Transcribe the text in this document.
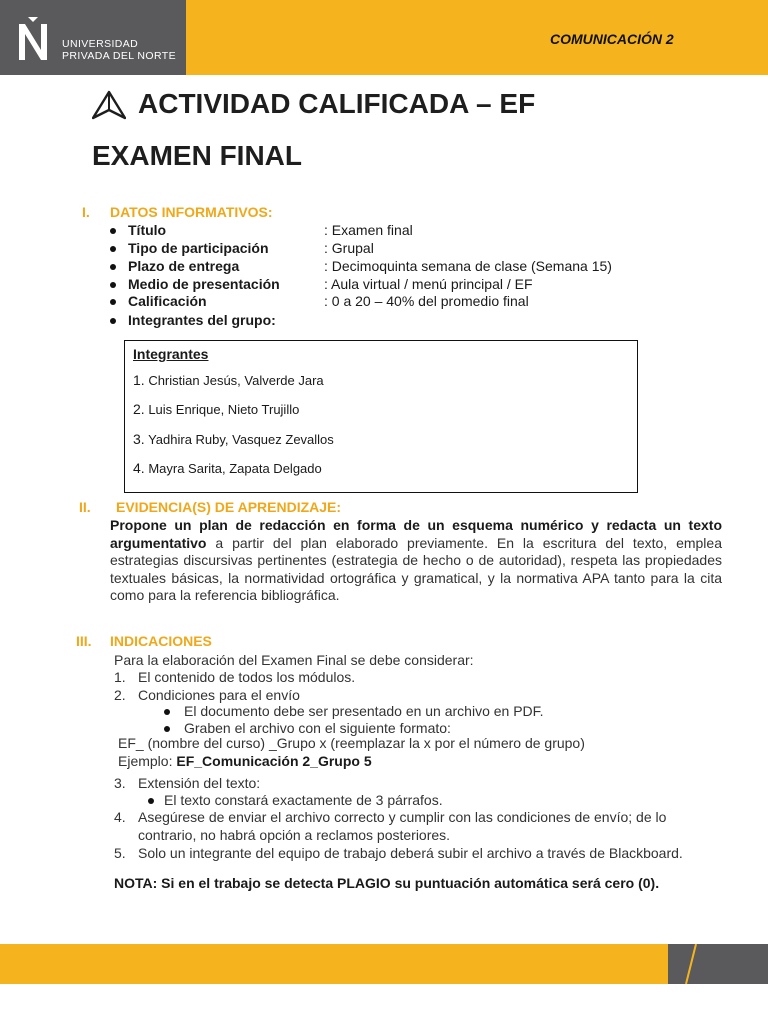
UNIVERSIDAD
PRIVADA DEL NORTE
COMUNICACIÓN 2
ACTIVIDAD CALIFICADA – EF
EXAMEN FINAL
I. DATOS INFORMATIVOS:
Título	: Examen final
Tipo de participación	: Grupal
Plazo de entrega	: Decimoquinta semana de clase (Semana 15)
Medio de presentación	: Aula virtual / menú principal / EF
Calificación	: 0 a 20 – 40% del promedio final
Integrantes del grupo:
Integrantes
1. Christian Jesús, Valverde Jara
2. Luis Enrique, Nieto Trujillo
3. Yadhira Ruby, Vasquez Zevallos
4. Mayra Sarita, Zapata Delgado
II. EVIDENCIA(S) DE APRENDIZAJE:
Propone un plan de redacción en forma de un esquema numérico y redacta un texto argumentativo a partir del plan elaborado previamente. En la escritura del texto, emplea estrategias discursivas pertinentes (estrategia de hecho o de autoridad), respeta las propiedades textuales básicas, la normatividad ortográfica y gramatical, y la normativa APA tanto para la cita como para la referencia bibliográfica.
III. INDICACIONES
Para la elaboración del Examen Final se debe considerar:
1. El contenido de todos los módulos.
2. Condiciones para el envío
El documento debe ser presentado en un archivo en PDF.
Graben el archivo con el siguiente formato:
EF_ (nombre del curso) _Grupo x (reemplazar la x por el número de grupo)
Ejemplo: EF_Comunicación 2_Grupo 5
3. Extensión del texto:
El texto constará exactamente de 3 párrafos.
4. Asegúrese de enviar el archivo correcto y cumplir con las condiciones de envío; de lo
contrario, no habrá opción a reclamos posteriores.
5. Solo un integrante del equipo de trabajo deberá subir el archivo a través de Blackboard.
NOTA: Si en el trabajo se detecta PLAGIO su puntuación automática será cero (0).
